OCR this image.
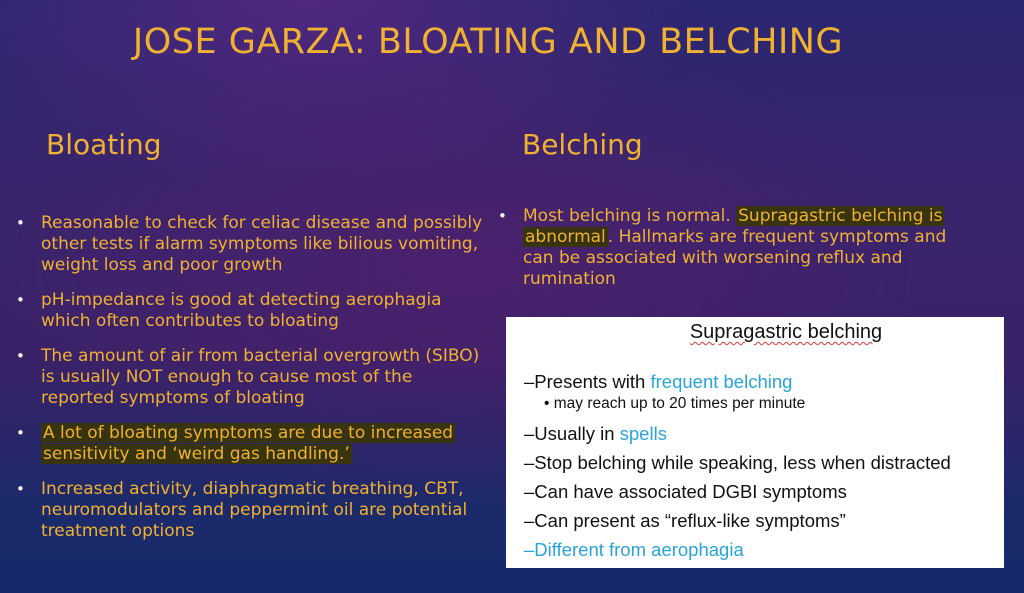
JOSE GARZA: BLOATING AND BELCHING
Bloating	Belching
• Reasonable to check for celiac disease and possibly other tests if alarm symptoms like bilious vomiting, weight loss and poor growth
• pH-impedance is good at detecting aerophagia which often contributes to bloating
• The amount of air from bacterial overgrowth (SIBO) is usually NOT enough to cause most of the reported symptoms of bloating
• A lot of bloating symptoms are due to increased sensitivity and ‘weird gas handling.’
• Increased activity, diaphragmatic breathing, CBT, neuromodulators and peppermint oil are potential treatment options
• Most belching is normal. Supragastric belching is abnormal . Hallmarks are frequent symptoms and can be associated with worsening reflux and rumination
Supragastric belching
–Presents with frequent belching
• may reach up to 20 times per minute
–Usually in spells
–Stop belching while speaking, less when distracted
–Can have associated DGBI symptoms
–Can present as “reflux-like symptoms”
–Different from aerophagia
